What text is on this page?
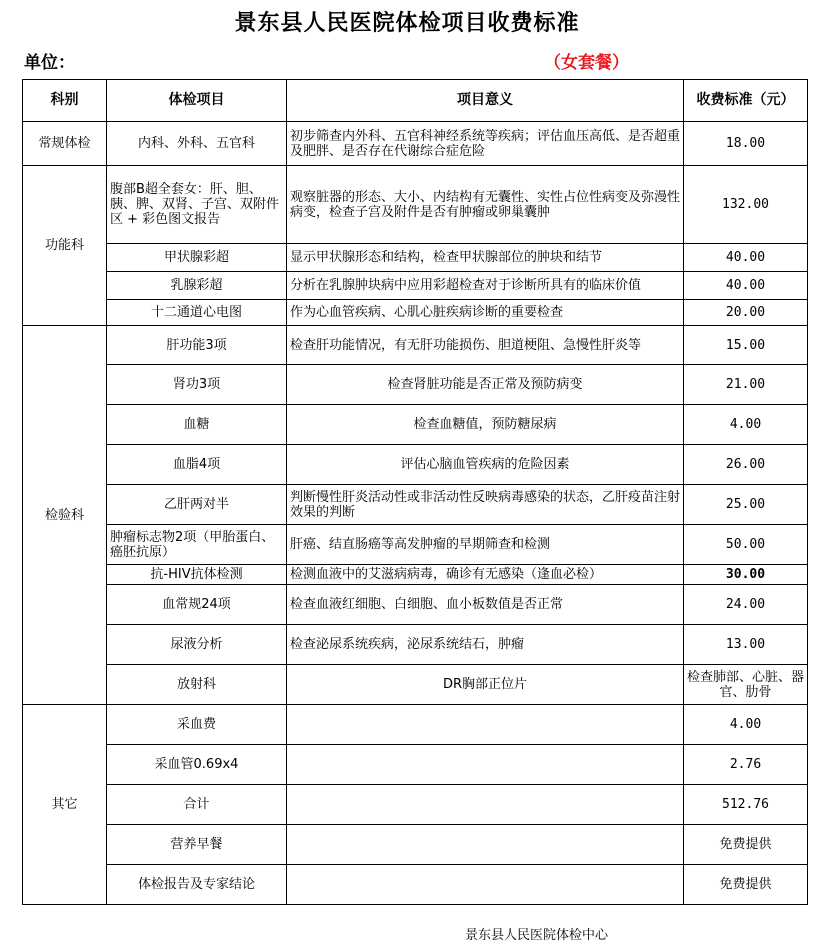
景东县人民医院体检项目收费标准
单位：	（女套餐）
科别	体检项目	项目意义	收费标准（元）	
常规体检	内科、外科、五官科	初步筛查内外科、五官科神经系统等疾病；评估血压高低、是否超重及肥胖、是否存在代谢综合症危险	18.00	
功能科	腹部B超全套女：肝、胆、胰、脾、双肾、子宫、双附件区 + 彩色图文报告	观察脏器的形态、大小、内结构有无囊性、实性占位性病变及弥漫性病变，检查子宫及附件是否有肿瘤或卵巢囊肿	132.00	
	甲状腺彩超	显示甲状腺形态和结构，检查甲状腺部位的肿块和结节	40.00	
	乳腺彩超	分析在乳腺肿块病中应用彩超检查对于诊断所具有的临床价值	40.00	
	十二通道心电图	作为心血管疾病、心肌心脏疾病诊断的重要检查	20.00	
检验科	肝功能3项	检查肝功能情况，有无肝功能损伤、胆道梗阻、急慢性肝炎等	15.00	
	肾功3项	检查肾脏功能是否正常及预防病变	21.00	
	血糖	检查血糖值，预防糖尿病	4.00	
	血脂4项	评估心脑血管疾病的危险因素	26.00	
	乙肝两对半	判断慢性肝炎活动性或非活动性反映病毒感染的状态，乙肝疫苗注射效果的判断	25.00	
	肿瘤标志物2项（甲胎蛋白、癌胚抗原）	肝癌、结直肠癌等高发肿瘤的早期筛查和检测	50.00	
	抗-HIV抗体检测	检测血液中的艾滋病病毒，确诊有无感染（逢血必检）	30.00	
	血常规24项	检查血液红细胞、白细胞、血小板数值是否正常	24.00	
	尿液分析	检查泌尿系统疾病，泌尿系统结石，肿瘤	13.00	
	放射科	DR胸部正位片	检查肺部、心脏、器官、肋骨	
其它	采血费		4.00	
	采血管0.69x4		2.76	
	合计		512.76	
	营养早餐		免费提供	
	体检报告及专家结论		免费提供	
景东县人民医院体检中心
